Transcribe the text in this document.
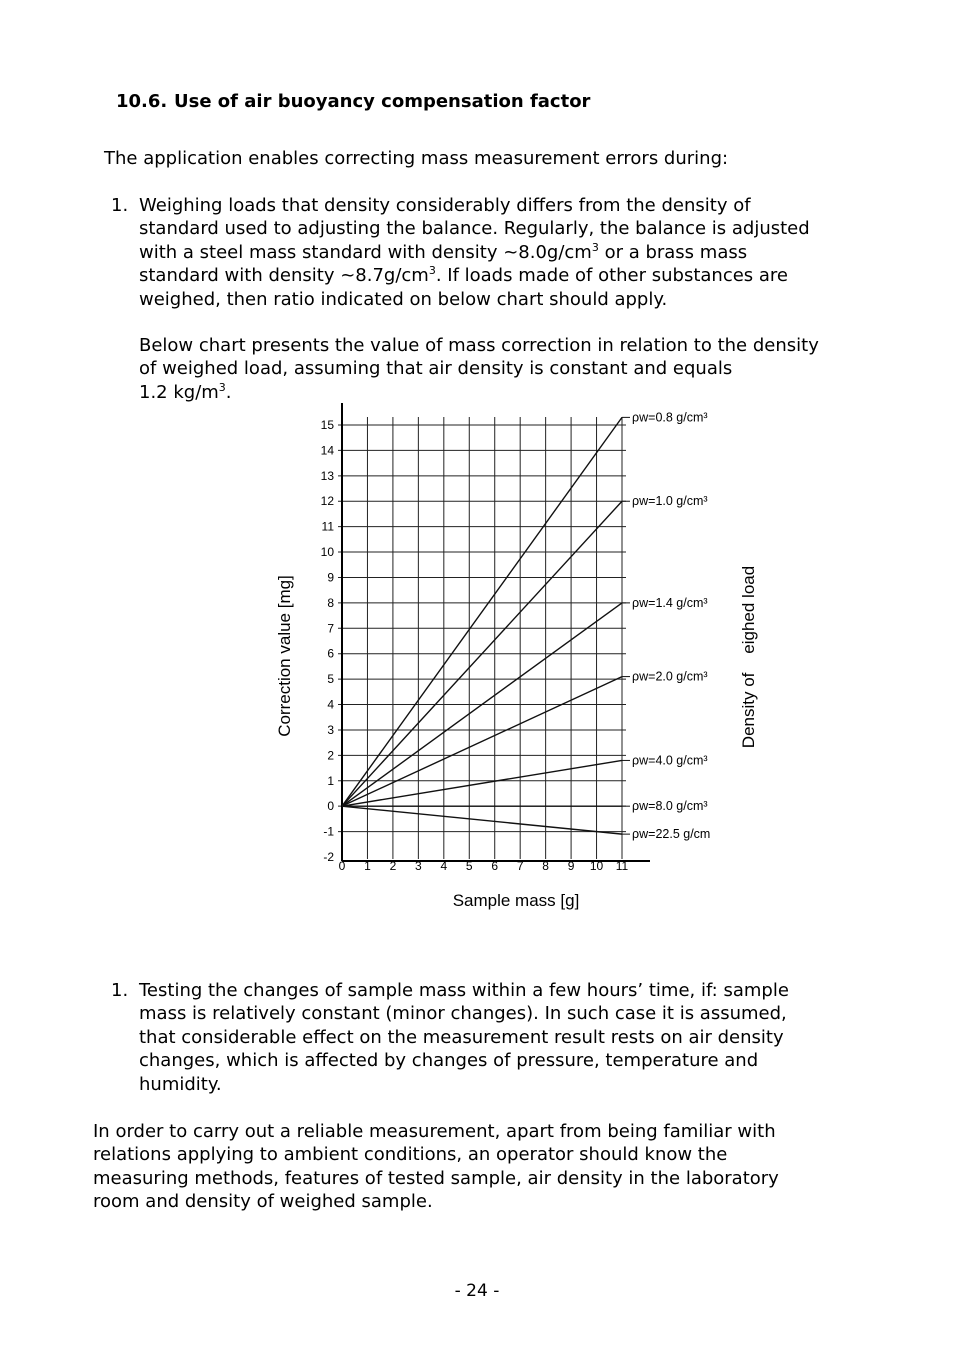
10.6. Use of air buoyancy compensation factor
The application enables correcting mass measurement errors during:
1. Weighing loads that density considerably differs from the density of
standard used to adjusting the balance. Regularly, the balance is adjusted
with a steel mass standard with density $\sim 8.0g/cm^3$ or a brass mass
standard with density $\sim 8.7g/cm^3$. If loads made of other substances are
weighed, then ratio indicated on below chart should apply.
Below chart presents the value of mass correction in relation to the density
of weighed load, assuming that air density is constant and equals
1.2 $kg/m^3$.
-2
-1
0
1
2
3
4
5
6
7
8
9
10
11
12
13
14
15
0 1 2 3 4 5 6 7 8 9 10 11
ρw=0.8 g/cm³
ρw=1.0 g/cm³
ρw=1.4 g/cm³
ρw=2.0 g/cm³
ρw=4.0 g/cm³
ρw=8.0 g/cm³
ρw=22.5 g/cm
Sample mass [g]
Correction value [mg]	Density of    eighed load
1. Testing the changes of sample mass within a few hours’ time, if: sample
mass is relatively constant (minor changes). In such case it is assumed,
that considerable effect on the measurement result rests on air density
changes, which is affected by changes of pressure, temperature and
humidity.
In order to carry out a reliable measurement, apart from being familiar with
relations applying to ambient conditions, an operator should know the
measuring methods, features of tested sample, air density in the laboratory
room and density of weighed sample.
- 24 -
